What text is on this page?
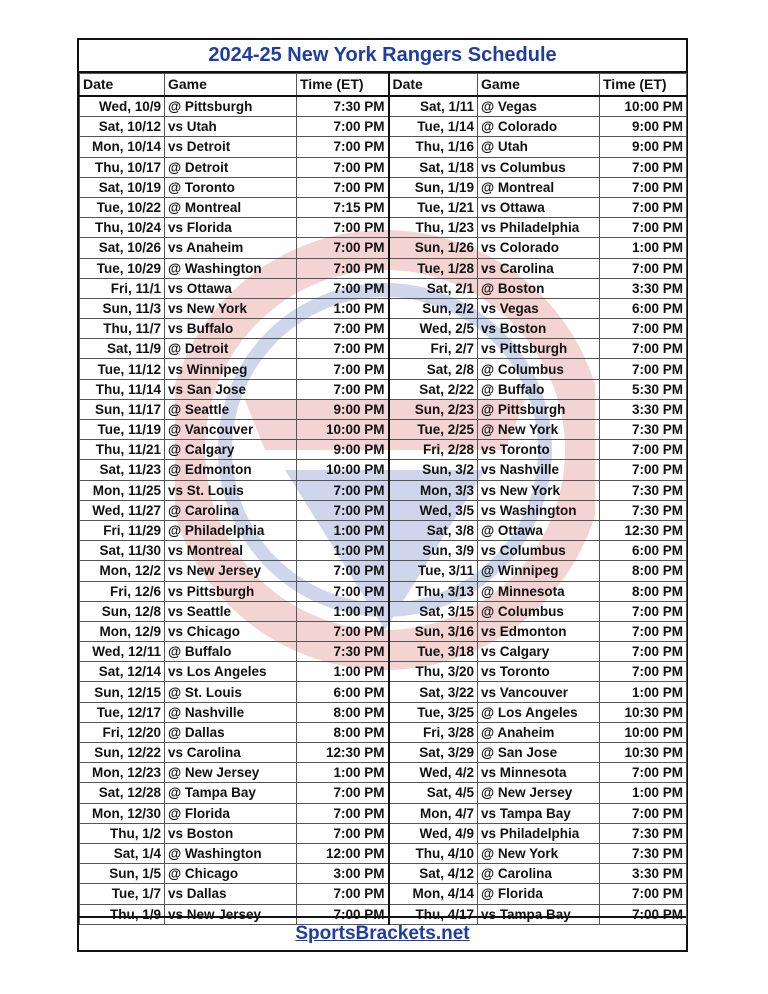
2024-25 New York Rangers Schedule
Date	Game	Time (ET)	Date	Game	Time (ET)
Wed, 10/9	@ Pittsburgh	7:30 PM	Sat, 1/11	@ Vegas	10:00 PM
Sat, 10/12	vs Utah	7:00 PM	Tue, 1/14	@ Colorado	9:00 PM
Mon, 10/14	vs Detroit	7:00 PM	Thu, 1/16	@ Utah	9:00 PM
Thu, 10/17	@ Detroit	7:00 PM	Sat, 1/18	vs Columbus	7:00 PM
Sat, 10/19	@ Toronto	7:00 PM	Sun, 1/19	@ Montreal	7:00 PM
Tue, 10/22	@ Montreal	7:15 PM	Tue, 1/21	vs Ottawa	7:00 PM
Thu, 10/24	vs Florida	7:00 PM	Thu, 1/23	vs Philadelphia	7:00 PM
Sat, 10/26	vs Anaheim	7:00 PM	Sun, 1/26	vs Colorado	1:00 PM
Tue, 10/29	@ Washington	7:00 PM	Tue, 1/28	vs Carolina	7:00 PM
Fri, 11/1	vs Ottawa	7:00 PM	Sat, 2/1	@ Boston	3:30 PM
Sun, 11/3	vs New York	1:00 PM	Sun, 2/2	vs Vegas	6:00 PM
Thu, 11/7	vs Buffalo	7:00 PM	Wed, 2/5	vs Boston	7:00 PM
Sat, 11/9	@ Detroit	7:00 PM	Fri, 2/7	vs Pittsburgh	7:00 PM
Tue, 11/12	vs Winnipeg	7:00 PM	Sat, 2/8	@ Columbus	7:00 PM
Thu, 11/14	vs San Jose	7:00 PM	Sat, 2/22	@ Buffalo	5:30 PM
Sun, 11/17	@ Seattle	9:00 PM	Sun, 2/23	@ Pittsburgh	3:30 PM
Tue, 11/19	@ Vancouver	10:00 PM	Tue, 2/25	@ New York	7:30 PM
Thu, 11/21	@ Calgary	9:00 PM	Fri, 2/28	vs Toronto	7:00 PM
Sat, 11/23	@ Edmonton	10:00 PM	Sun, 3/2	vs Nashville	7:00 PM
Mon, 11/25	vs St. Louis	7:00 PM	Mon, 3/3	vs New York	7:30 PM
Wed, 11/27	@ Carolina	7:00 PM	Wed, 3/5	vs Washington	7:30 PM
Fri, 11/29	@ Philadelphia	1:00 PM	Sat, 3/8	@ Ottawa	12:30 PM
Sat, 11/30	vs Montreal	1:00 PM	Sun, 3/9	vs Columbus	6:00 PM
Mon, 12/2	vs New Jersey	7:00 PM	Tue, 3/11	@ Winnipeg	8:00 PM
Fri, 12/6	vs Pittsburgh	7:00 PM	Thu, 3/13	@ Minnesota	8:00 PM
Sun, 12/8	vs Seattle	1:00 PM	Sat, 3/15	@ Columbus	7:00 PM
Mon, 12/9	vs Chicago	7:00 PM	Sun, 3/16	vs Edmonton	7:00 PM
Wed, 12/11	@ Buffalo	7:30 PM	Tue, 3/18	vs Calgary	7:00 PM
Sat, 12/14	vs Los Angeles	1:00 PM	Thu, 3/20	vs Toronto	7:00 PM
Sun, 12/15	@ St. Louis	6:00 PM	Sat, 3/22	vs Vancouver	1:00 PM
Tue, 12/17	@ Nashville	8:00 PM	Tue, 3/25	@ Los Angeles	10:30 PM
Fri, 12/20	@ Dallas	8:00 PM	Fri, 3/28	@ Anaheim	10:00 PM
Sun, 12/22	vs Carolina	12:30 PM	Sat, 3/29	@ San Jose	10:30 PM
Mon, 12/23	@ New Jersey	1:00 PM	Wed, 4/2	vs Minnesota	7:00 PM
Sat, 12/28	@ Tampa Bay	7:00 PM	Sat, 4/5	@ New Jersey	1:00 PM
Mon, 12/30	@ Florida	7:00 PM	Mon, 4/7	vs Tampa Bay	7:00 PM
Thu, 1/2	vs Boston	7:00 PM	Wed, 4/9	vs Philadelphia	7:30 PM
Sat, 1/4	@ Washington	12:00 PM	Thu, 4/10	@ New York	7:30 PM
Sun, 1/5	@ Chicago	3:00 PM	Sat, 4/12	@ Carolina	3:30 PM
Tue, 1/7	vs Dallas	7:00 PM	Mon, 4/14	@ Florida	7:00 PM
Thu, 1/9	vs New Jersey	7:00 PM	Thu, 4/17	vs Tampa Bay	7:00 PM
SportsBrackets.net
